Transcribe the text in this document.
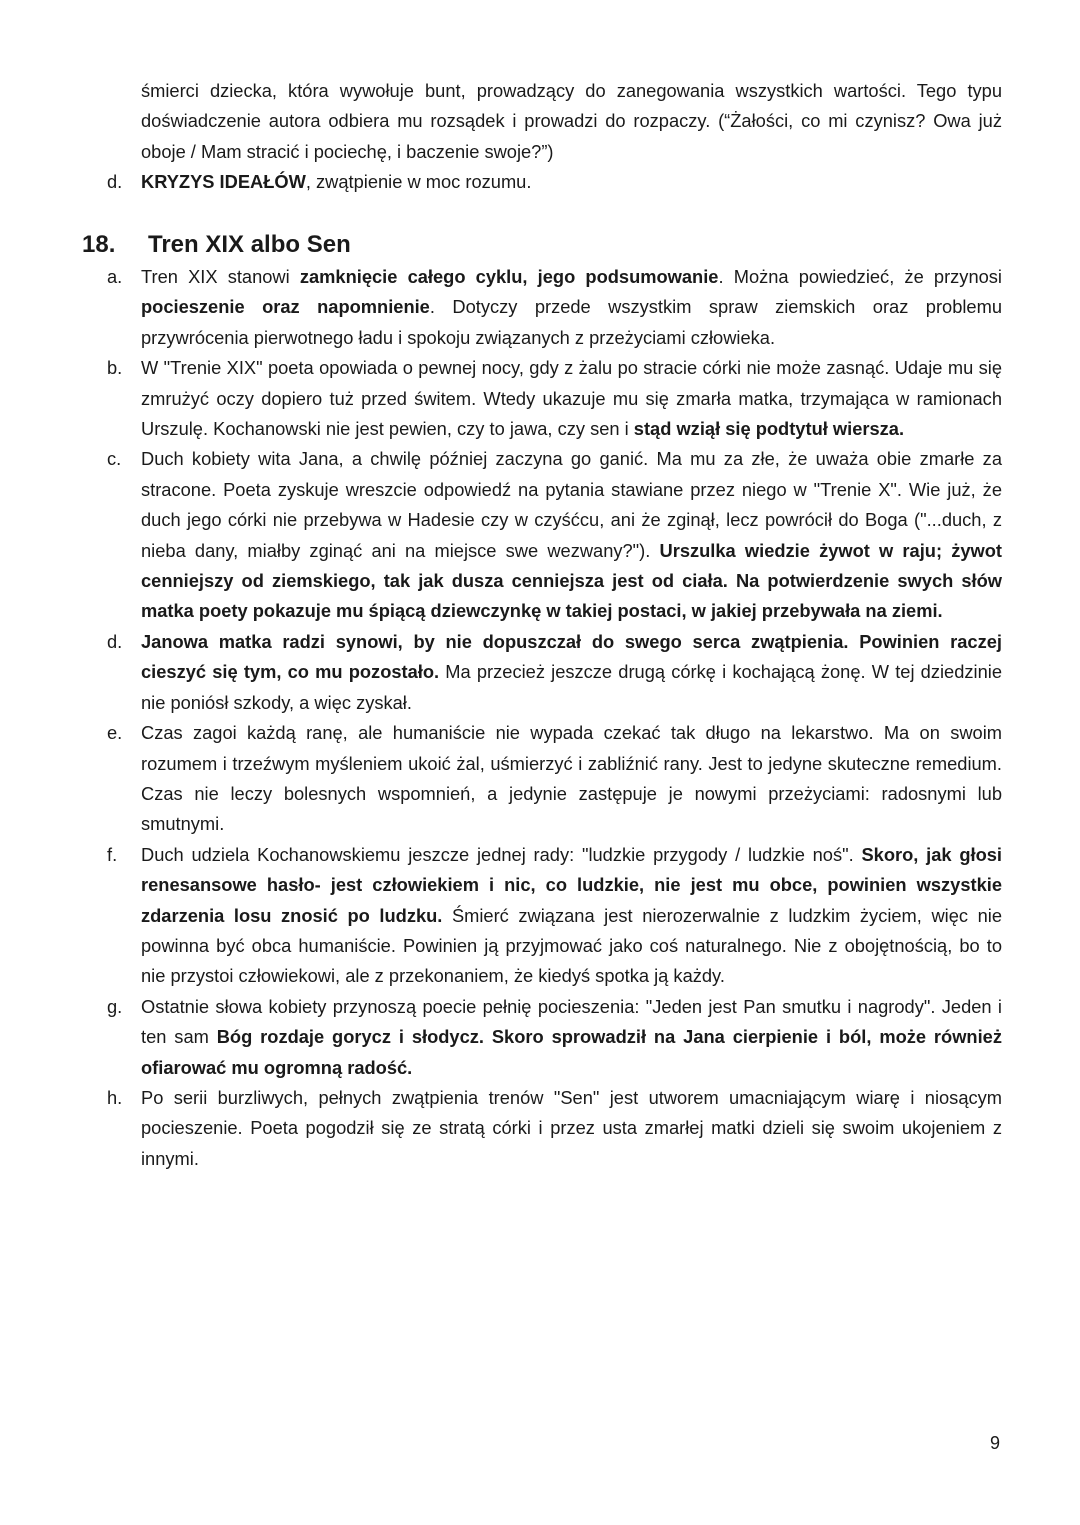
śmierci dziecka, która wywołuje bunt, prowadzący do zanegowania wszystkich wartości. Tego typu doświadczenie autora odbiera mu rozsądek i prowadzi do rozpaczy. (“Żałości, co mi czynisz? Owa już oboje / Mam stracić i pociechę, i baczenie swoje?”)
d.	KRYZYS IDEAŁÓW, zwątpienie w moc rozumu.
18. Tren XIX albo Sen
a.	Tren XIX stanowi zamknięcie całego cyklu, jego podsumowanie. Można powiedzieć, że przynosi pocieszenie oraz napomnienie. Dotyczy przede wszystkim spraw ziemskich oraz problemu przywrócenia pierwotnego ładu i spokoju związanych z przeżyciami człowieka.
b.	W "Trenie XIX" poeta opowiada o pewnej nocy, gdy z żalu po stracie córki nie może zasnąć. Udaje mu się zmrużyć oczy dopiero tuż przed świtem. Wtedy ukazuje mu się zmarła matka, trzymająca w ramionach Urszulę. Kochanowski nie jest pewien, czy to jawa, czy sen i stąd wziął się podtytuł wiersza.
c.	Duch kobiety wita Jana, a chwilę później zaczyna go ganić. Ma mu za złe, że uważa obie zmarłe za stracone. Poeta zyskuje wreszcie odpowiedź na pytania stawiane przez niego w "Trenie X". Wie już, że duch jego córki nie przebywa w Hadesie czy w czyśćcu, ani że zginął, lecz powrócił do Boga ("...duch, z nieba dany, miałby zginąć ani na miejsce swe wezwany?"). Urszulka wiedzie żywot w raju; żywot cenniejszy od ziemskiego, tak jak dusza cenniejsza jest od ciała. Na potwierdzenie swych słów matka poety pokazuje mu śpiącą dziewczynkę w takiej postaci, w jakiej przebywała na ziemi.
d.	Janowa matka radzi synowi, by nie dopuszczał do swego serca zwątpienia. Powinien raczej cieszyć się tym, co mu pozostało. Ma przecież jeszcze drugą córkę i kochającą żonę. W tej dziedzinie nie poniósł szkody, a więc zyskał.
e.	Czas zagoi każdą ranę, ale humaniście nie wypada czekać tak długo na lekarstwo. Ma on swoim rozumem i trzeźwym myśleniem ukoić żal, uśmierzyć i zabliźnić rany. Jest to jedyne skuteczne remedium. Czas nie leczy bolesnych wspomnień, a jedynie zastępuje je nowymi przeżyciami: radosnymi lub smutnymi.
f.	Duch udziela Kochanowskiemu jeszcze jednej rady: "ludzkie przygody / ludzkie noś". Skoro, jak głosi renesansowe hasło- jest człowiekiem i nic, co ludzkie, nie jest mu obce, powinien wszystkie zdarzenia losu znosić po ludzku. Śmierć związana jest nierozerwalnie z ludzkim życiem, więc nie powinna być obca humaniście. Powinien ją przyjmować jako coś naturalnego. Nie z obojętnością, bo to nie przystoi człowiekowi, ale z przekonaniem, że kiedyś spotka ją każdy.
g.	Ostatnie słowa kobiety przynoszą poecie pełnię pocieszenia: "Jeden jest Pan smutku i nagrody". Jeden i ten sam Bóg rozdaje gorycz i słodycz. Skoro sprowadził na Jana cierpienie i ból, może również ofiarować mu ogromną radość.
h.	Po serii burzliwych, pełnych zwątpienia trenów "Sen" jest utworem umacniającym wiarę i niosącym pocieszenie. Poeta pogodził się ze stratą córki i przez usta zmarłej matki dzieli się swoim ukojeniem z innymi.
9
